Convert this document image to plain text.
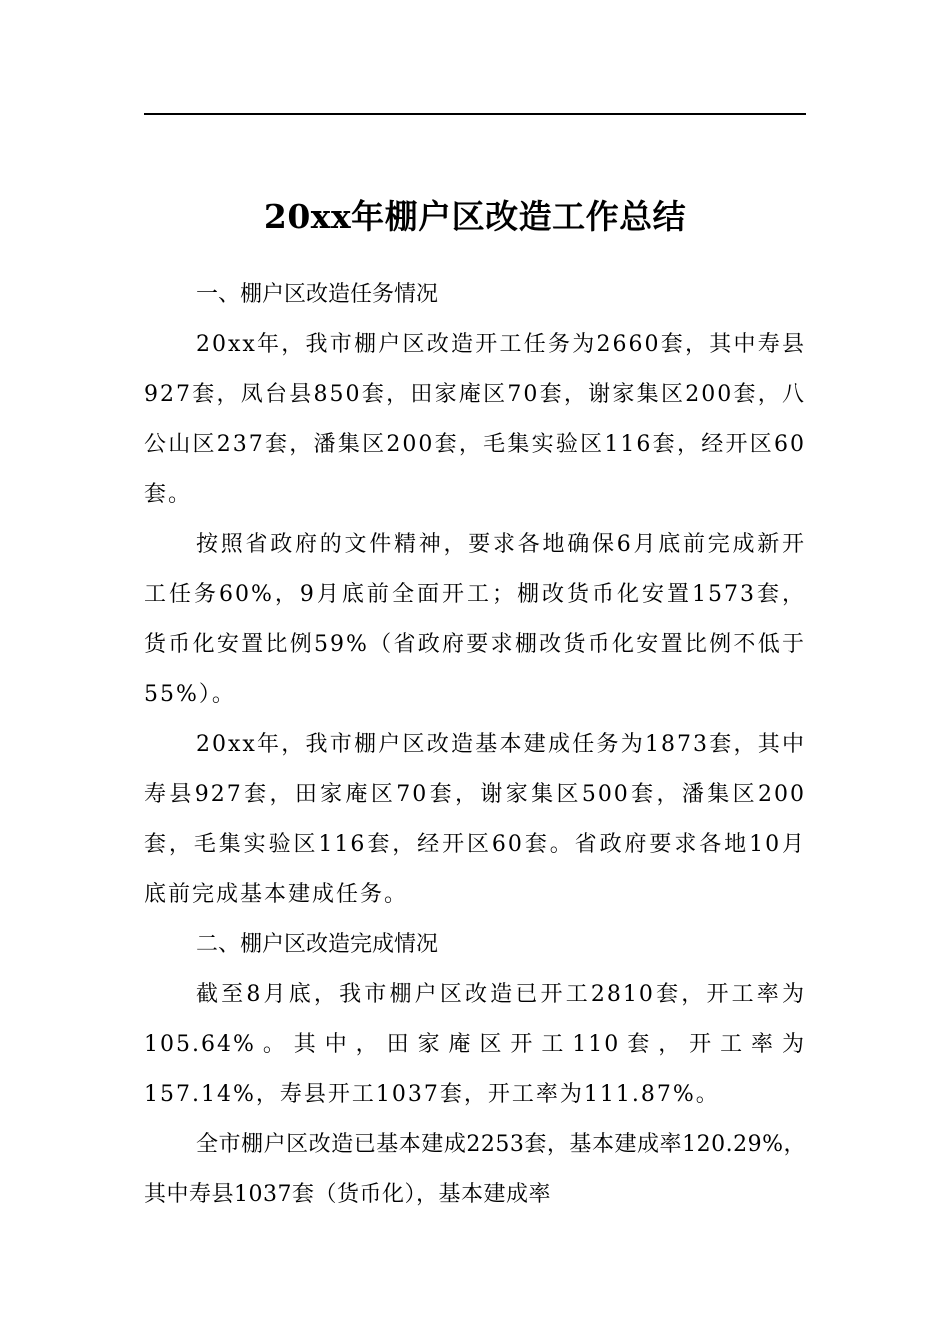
20xx年棚户区改造工作总结
一、棚户区改造任务情况

20xx年，我市棚户区改造开工任务为2660套，其中寿县927套，凤台县850套，田家庵区70套，谢家集区200套，八公山区237套，潘集区200套，毛集实验区116套，经开区60套。

按照省政府的文件精神，要求各地确保6月底前完成新开工任务60%，9月底前全面开工；棚改货币化安置1573套，货币化安置比例59%（省政府要求棚改货币化安置比例不低于55%）。

20xx年，我市棚户区改造基本建成任务为1873套，其中寿县927套，田家庵区70套，谢家集区500套，潘集区200套，毛集实验区116套，经开区60套。省政府要求各地10月底前完成基本建成任务。

二、棚户区改造完成情况

截至8月底，我市棚户区改造已开工2810套，开工率为105.64%。其中，田家庵区开工110套，开工率为157.14%，寿县开工1037套，开工率为111.87%。

全市棚户区改造已基本建成2253套，基本建成率120.29%，其中寿县1037套（货币化），基本建成率
